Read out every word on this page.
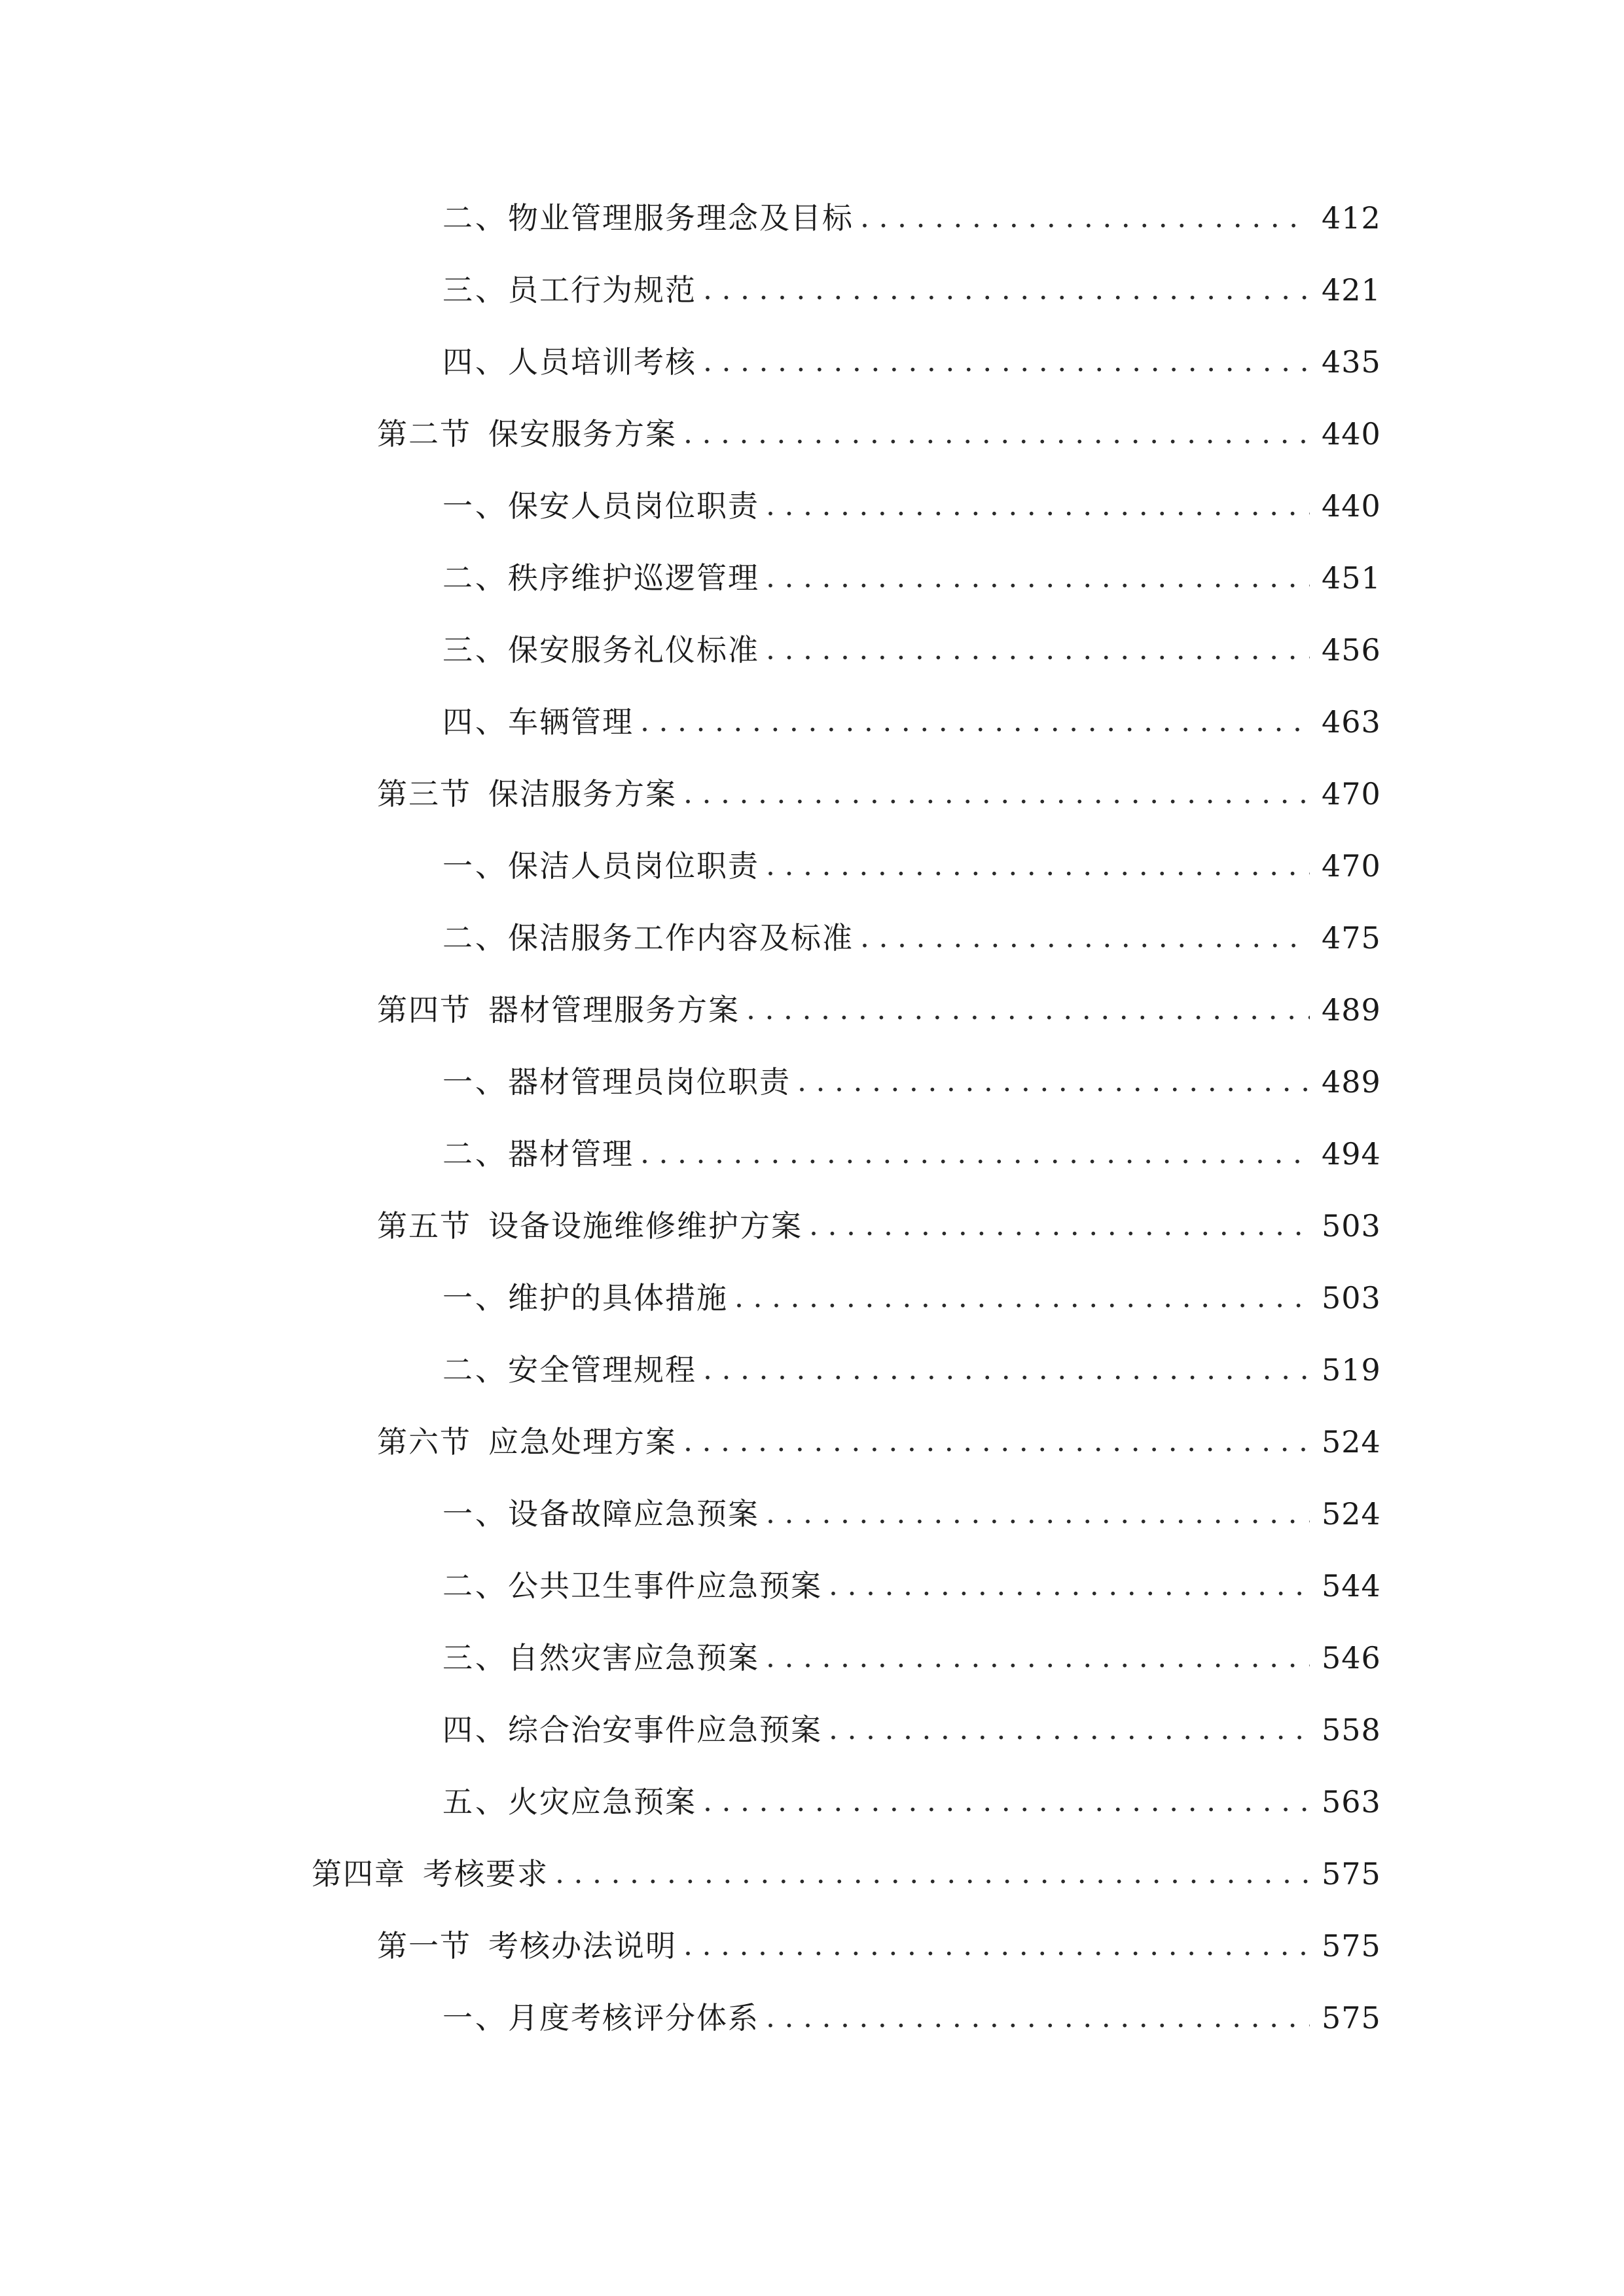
二、 物业管理服务理念及目标 .....	412
三、 员工行为规范 .....	421
四、 人员培训考核 .....	435
第二节 保安服务方案 .....	440
一、 保安人员岗位职责 .....	440
二、 秩序维护巡逻管理 .....	451
三、 保安服务礼仪标准 .....	456
四、 车辆管理 .....	463
第三节 保洁服务方案 .....	470
一、 保洁人员岗位职责 .....	470
二、 保洁服务工作内容及标准 .....	475
第四节 器材管理服务方案 .....	489
一、 器材管理员岗位职责 .....	489
二、 器材管理 .....	494
第五节 设备设施维修维护方案 .....	503
一、 维护的具体措施 .....	503
二、 安全管理规程 .....	519
第六节 应急处理方案 .....	524
一、 设备故障应急预案 .....	524
二、 公共卫生事件应急预案 .....	544
三、 自然灾害应急预案 .....	546
四、 综合治安事件应急预案 .....	558
五、 火灾应急预案 .....	563
第四章 考核要求 .....	575
第一节 考核办法说明 .....	575
一、 月度考核评分体系 .....	575
